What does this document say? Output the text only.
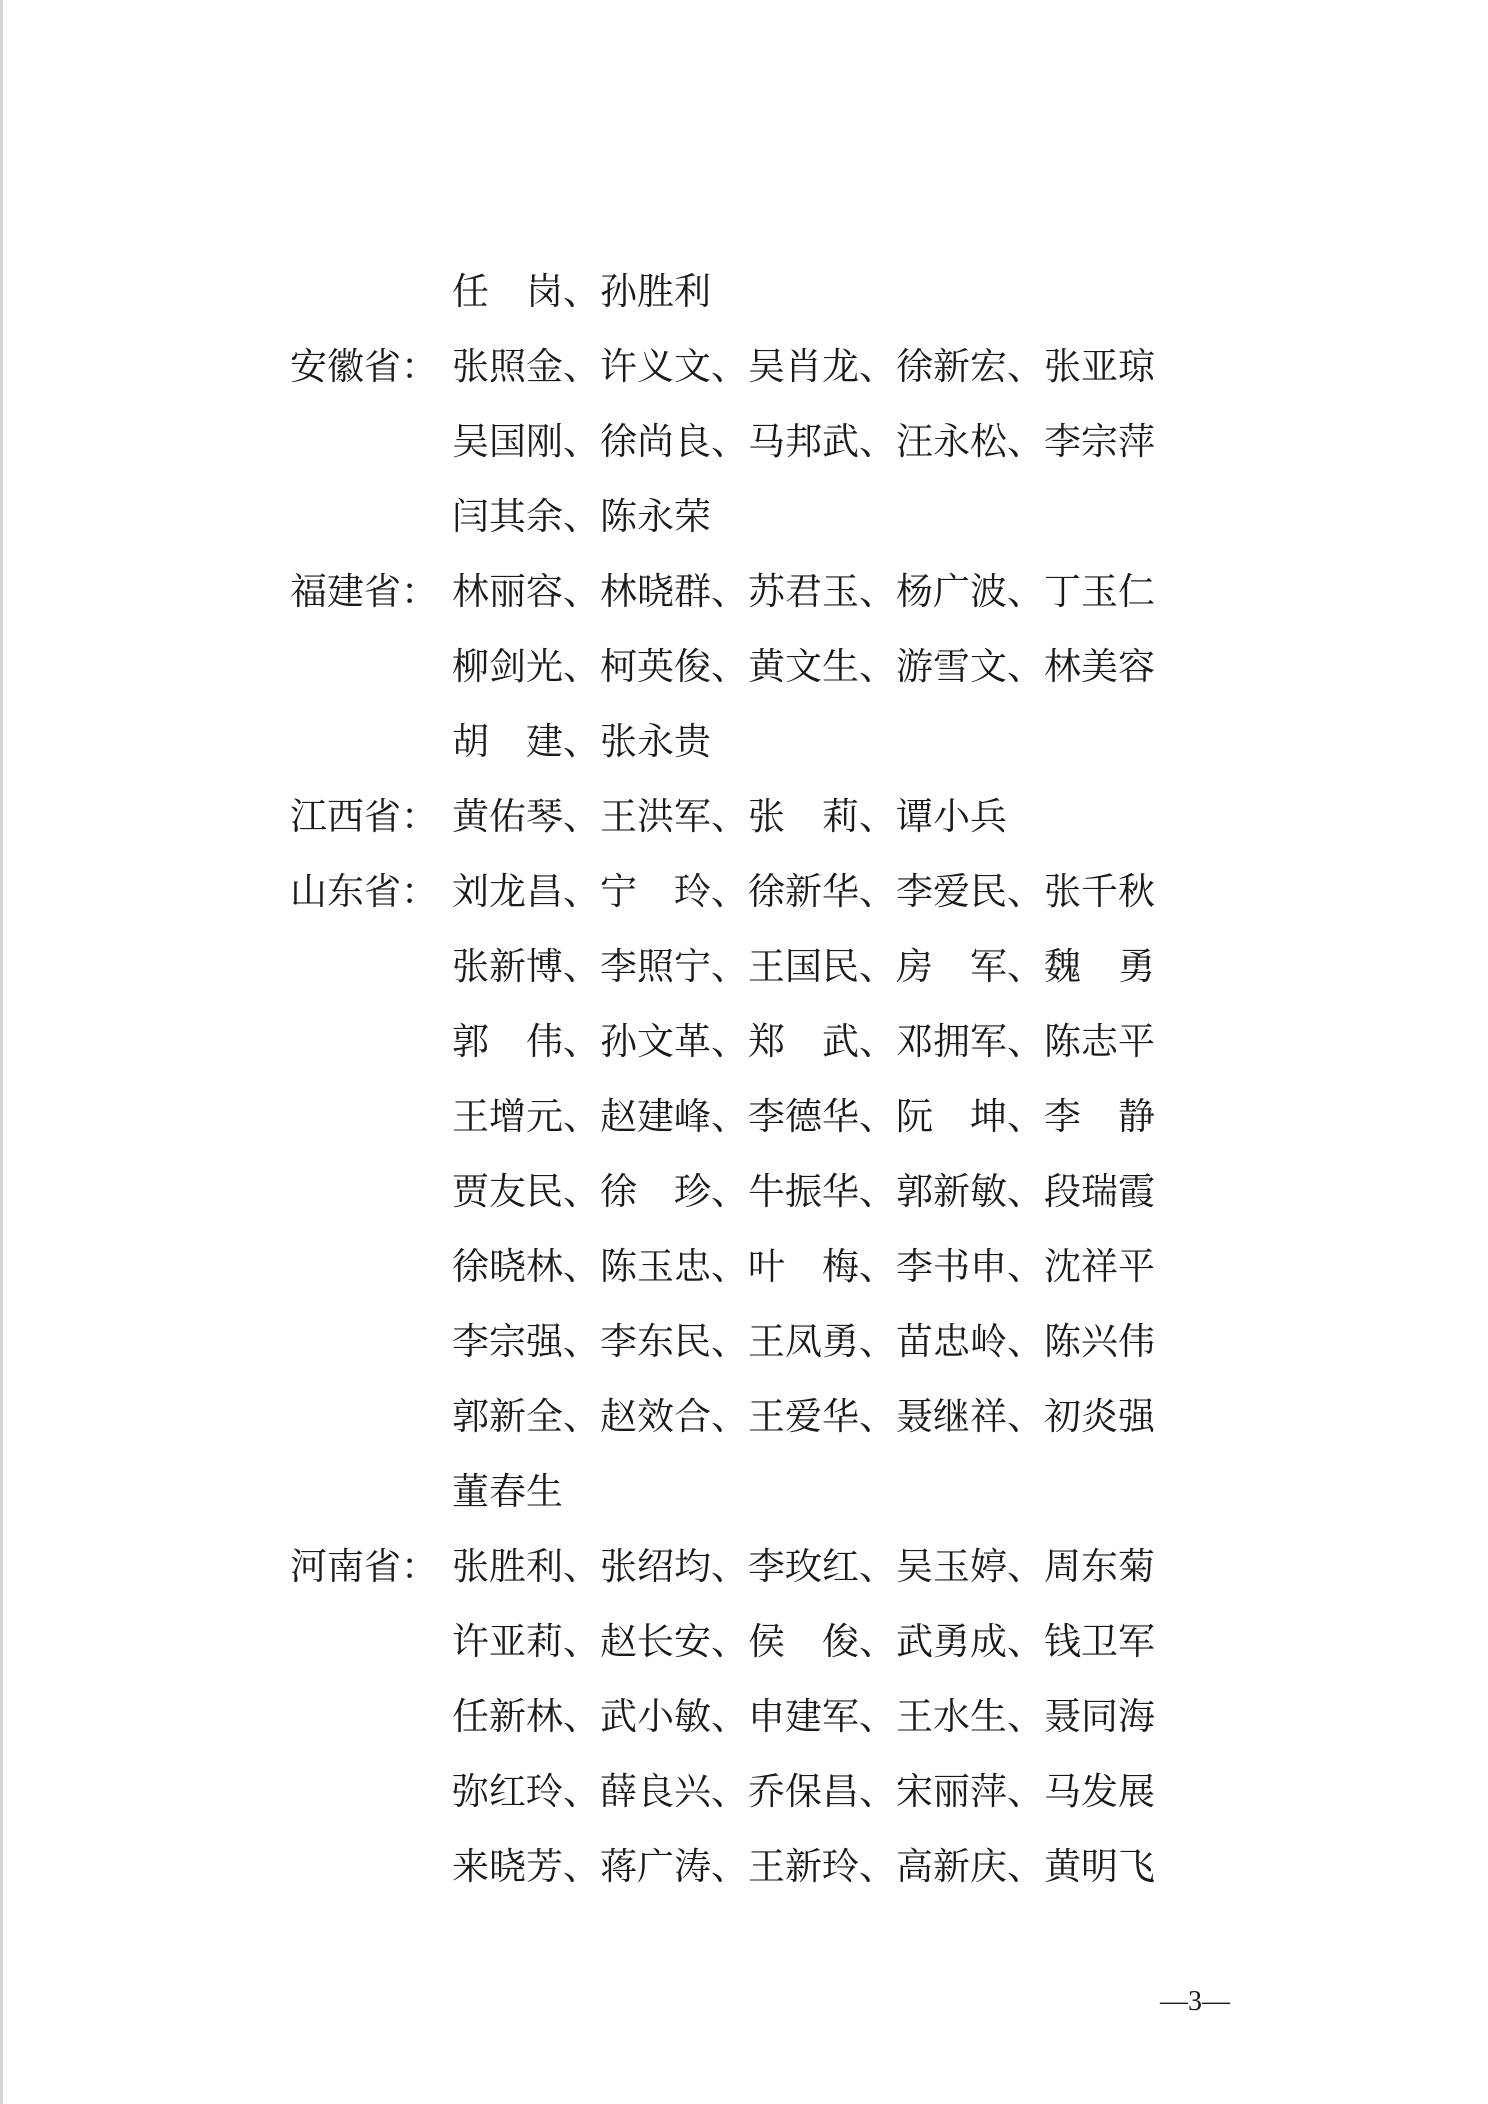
任　岗、孙胜利
安徽省： 张照金、许义文、吴肖龙、徐新宏、张亚琼
吴国刚、徐尚良、马邦武、汪永松、李宗萍
闫其余、陈永荣
福建省： 林丽容、林晓群、苏君玉、杨广波、丁玉仁
柳剑光、柯英俊、黄文生、游雪文、林美容
胡　建、张永贵
江西省： 黄佑琴、王洪军、张　莉、谭小兵
山东省： 刘龙昌、宁　玲、徐新华、李爱民、张千秋
张新博、李照宁、王国民、房　军、魏　勇
郭　伟、孙文革、郑　武、邓拥军、陈志平
王增元、赵建峰、李德华、阮　坤、李　静
贾友民、徐　珍、牛振华、郭新敏、段瑞霞
徐晓林、陈玉忠、叶　梅、李书申、沈祥平
李宗强、李东民、王凤勇、苗忠岭、陈兴伟
郭新全、赵效合、王爱华、聂继祥、初炎强
董春生
河南省： 张胜利、张绍均、李玫红、吴玉婷、周东菊
许亚莉、赵长安、侯　俊、武勇成、钱卫军
任新林、武小敏、申建军、王水生、聂同海
弥红玲、薛良兴、乔保昌、宋丽萍、马发展
来晓芳、蒋广涛、王新玲、高新庆、黄明飞
—3—
